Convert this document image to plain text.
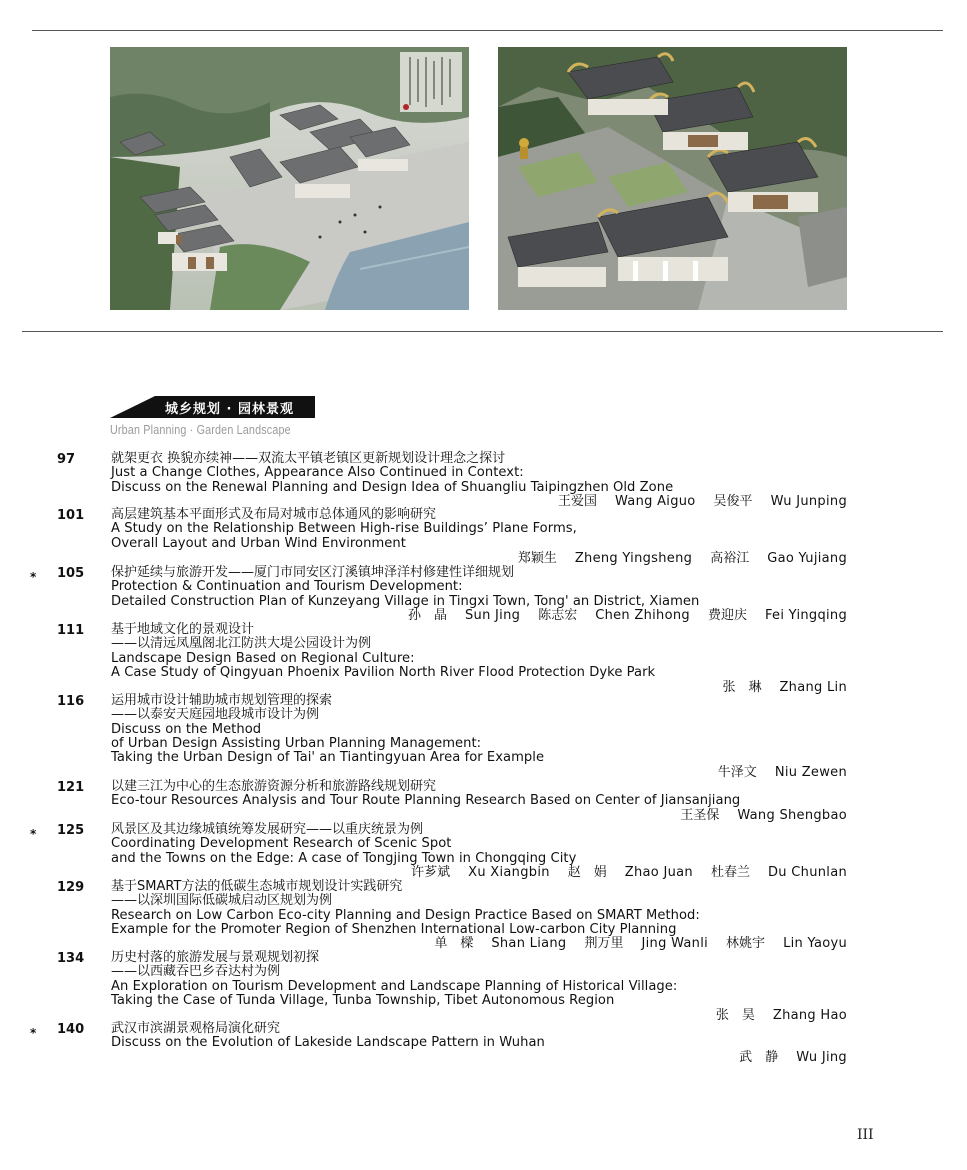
城乡规划 · 园林景观
Urban Planning · Garden Landscape
97	就架更衣 换貌亦续神——双流太平镇老镇区更新规划设计理念之探讨
Just a Change Clothes, Appearance Also Continued in Context:
Discuss on the Renewal Planning and Design Idea of Shuangliu Taipingzhen Old Zone
王爱国 Wang Aiguo 吴俊平 Wu Junping
101 高层建筑基本平面形式及布局对城市总体通风的影响研究
A Study on the Relationship Between High-rise Buildings’ Plane Forms,
Overall Layout and Urban Wind Environment
郑颖生 Zheng Yingsheng 高裕江 Gao Yujiang
* 105 保护延续与旅游开发——厦门市同安区汀溪镇坤泽洋村修建性详细规划
Protection & Continuation and Tourism Development:
Detailed Construction Plan of Kunzeyang Village in Tingxi Town, Tong' an District, Xiamen
孙　晶 Sun Jing 陈志宏 Chen Zhihong 费迎庆 Fei Yingqing
111 基于地域文化的景观设计
——以清远凤凰阁北江防洪大堤公园设计为例
Landscape Design Based on Regional Culture:
A Case Study of Qingyuan Phoenix Pavilion North River Flood Protection Dyke Park
张　琳 Zhang Lin
116 运用城市设计辅助城市规划管理的探索
——以泰安天庭园地段城市设计为例
Discuss on the Method
of Urban Design Assisting Urban Planning Management:
Taking the Urban Design of Tai' an Tiantingyuan Area for Example
牛泽文 Niu Zewen
121 以建三江为中心的生态旅游资源分析和旅游路线规划研究
Eco-tour Resources Analysis and Tour Route Planning Research Based on Center of Jiansanjiang
王圣保 Wang Shengbao
* 125 风景区及其边缘城镇统筹发展研究——以重庆统景为例
Coordinating Development Research of Scenic Spot
and the Towns on the Edge: A case of Tongjing Town in Chongqing City
许芗斌 Xu Xiangbin 赵　娟 Zhao Juan 杜春兰 Du Chunlan
129 基于SMART方法的低碳生态城市规划设计实践研究
——以深圳国际低碳城启动区规划为例
Research on Low Carbon Eco-city Planning and Design Practice Based on SMART Method:
Example for the Promoter Region of Shenzhen International Low-carbon City Planning
单　樑 Shan Liang 荆万里 Jing Wanli 林姚宇 Lin Yaoyu
134 历史村落的旅游发展与景观规划初探
——以西藏吞巴乡吞达村为例
An Exploration on Tourism Development and Landscape Planning of Historical Village:
Taking the Case of Tunda Village, Tunba Township, Tibet Autonomous Region
张　昊 Zhang Hao
* 140 武汉市滨湖景观格局演化研究
Discuss on the Evolution of Lakeside Landscape Pattern in Wuhan
武　静 Wu Jing
III
